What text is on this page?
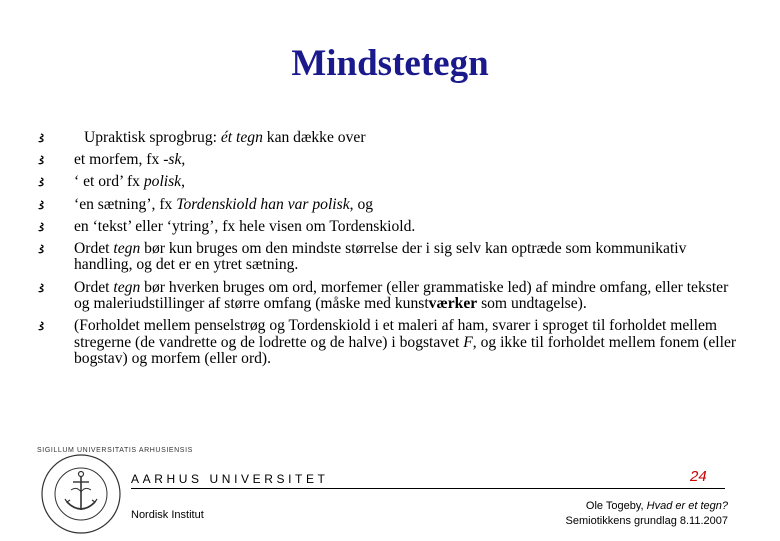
Mindstetegn
Upraktisk sprogbrug: ét tegn kan dække over
et morfem, fx -sk,
‘ et ord’ fx polisk,
‘en sætning’, fx Tordenskiold han var polisk, og
en ‘tekst’ eller ‘ytring’, fx hele visen om Tordenskiold.
Ordet tegn bør kun bruges om den mindste størrelse der i sig selv kan optræde som kommunikativ handling, og det er en ytret sætning.
Ordet tegn bør hverken bruges om ord, morfemer (eller grammatiske led) af mindre omfang, eller tekster og maleriudstillinger af større omfang (måske med kunstværker som undtagelse).
(Forholdet mellem penselstrøg og Tordenskiold i et maleri af ham, svarer i sproget til forholdet mellem stregerne (de vandrette og de lodrette og de halve) i bogstavet F, og ikke til forholdet mellem fonem (eller bogstav) og morfem (eller ord).
SIGILLUM UNIVERSITATIS ARHUSIENSIS
AARHUS UNIVERSITET
Nordisk Institut
24
Ole Togeby, Hvad er et tegn?
Semiotikkens grundlag 8.11.2007
